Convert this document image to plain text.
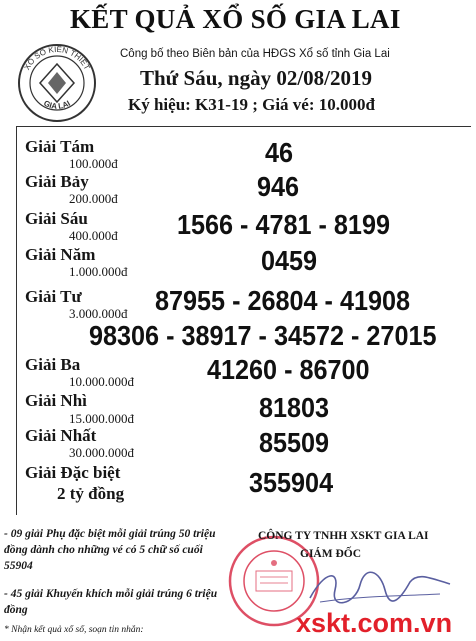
XỔ SỐ KIẾN THIẾT
GIA LAI
KẾT QUẢ XỔ SỐ GIA LAI
Công bố theo Biên bản của HĐGS Xổ số tỉnh Gia Lai
Thứ Sáu, ngày 02/08/2019
Ký hiệu: K31-19 ; Giá vé: 10.000đ
Giải Tám
100.000đ	46
Giải Bảy
200.000đ	946
Giải Sáu
400.000đ 1566 - 4781 - 8199
Giải Năm
1.000.000đ	0459
Giải Tư
3.000.000đ 87955 - 26804 - 41908
98306 - 38917 - 34572 - 27015
Giải Ba
10.000.000đ	41260 - 86700
Giải Nhì
15.000.000đ	81803
Giải Nhất
30.000.000đ	85509
Giải Đặc biệt
2 tỷ đồng	355904
- 09 giải Phụ đặc biệt mỗi giải trúng 50 triệu đồng dành cho những vé có 5 chữ số cuối 55904
- 45 giải Khuyến khích mỗi giải trúng 6 triệu đồng
* Nhận kết quả xổ số, soạn tin nhắn:
CÔNG TY TNHH XSKT GIA LAI
GIÁM ĐỐC
xskt.com.vn
